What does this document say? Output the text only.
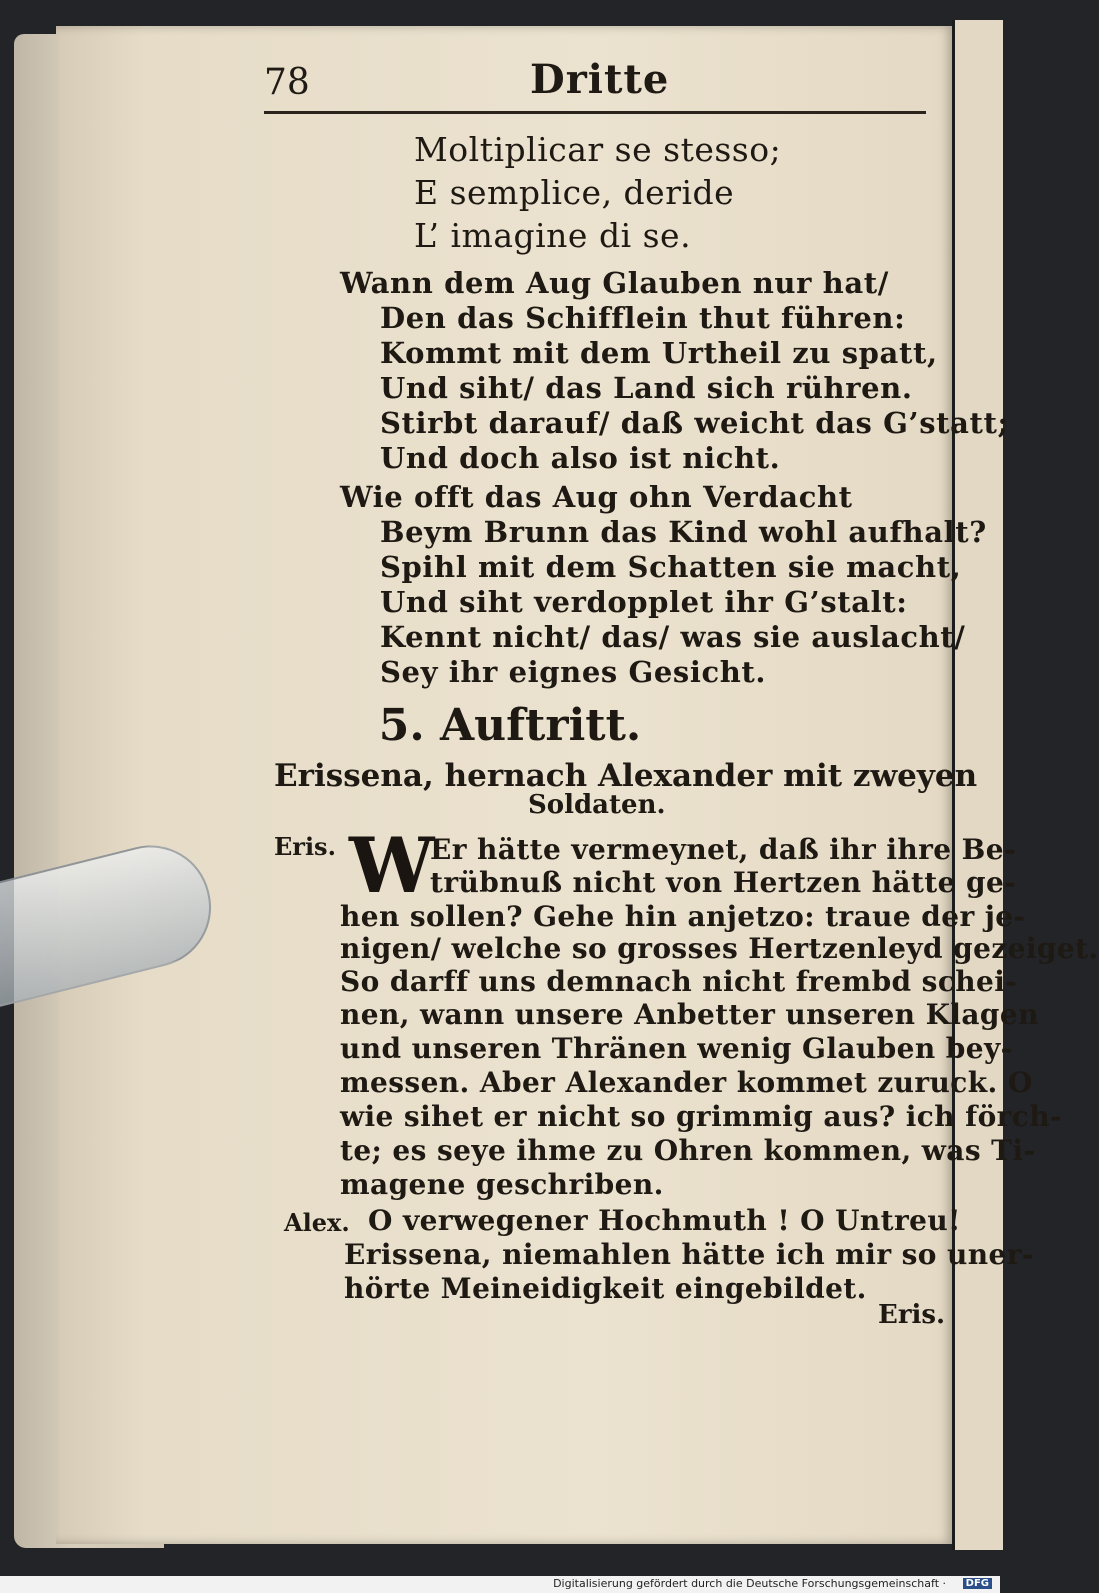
78	Dritte
Moltiplicar se stesso;
E semplice, deride
L’ imagine di se.
Wann dem Aug Glauben nur hat/
Den das Schifflein thut führen:
Kommt mit dem Urtheil zu spatt,
Und siht/ das Land sich rühren.
Stirbt darauf/ daß weicht das G’statt;
Und doch also ist nicht.
Wie offt das Aug ohn Verdacht
Beym Brunn das Kind wohl aufhalt?
Spihl mit dem Schatten sie macht,
Und siht verdopplet ihr G’stalt:
Kennt nicht/ das/ was sie auslacht/
Sey ihr eignes Gesicht.
5. Auftritt.
Erissena, hernach Alexander mit zweyen
Soldaten.
Eris. W
Er hätte vermeynet, daß ihr ihre Be-
trübnuß nicht von Hertzen hätte ge-
hen sollen? Gehe hin anjetzo: traue der je-
nigen/ welche so grosses Hertzenleyd gezeiget.
So darff uns demnach nicht frembd schei-
nen, wann unsere Anbetter unseren Klagen
und unseren Thränen wenig Glauben bey-
messen. Aber Alexander kommet zuruck. O
wie sihet er nicht so grimmig aus? ich förch-
te; es seye ihme zu Ohren kommen, was Ti-
magene geschriben.
Alex. O verwegener Hochmuth ! O Untreu!
Erissena, niemahlen hätte ich mir so uner-
hörte Meineidigkeit eingebildet.
Eris.
Digitalisierung gefördert durch die Deutsche Forschungsgemeinschaft ·	DFG
